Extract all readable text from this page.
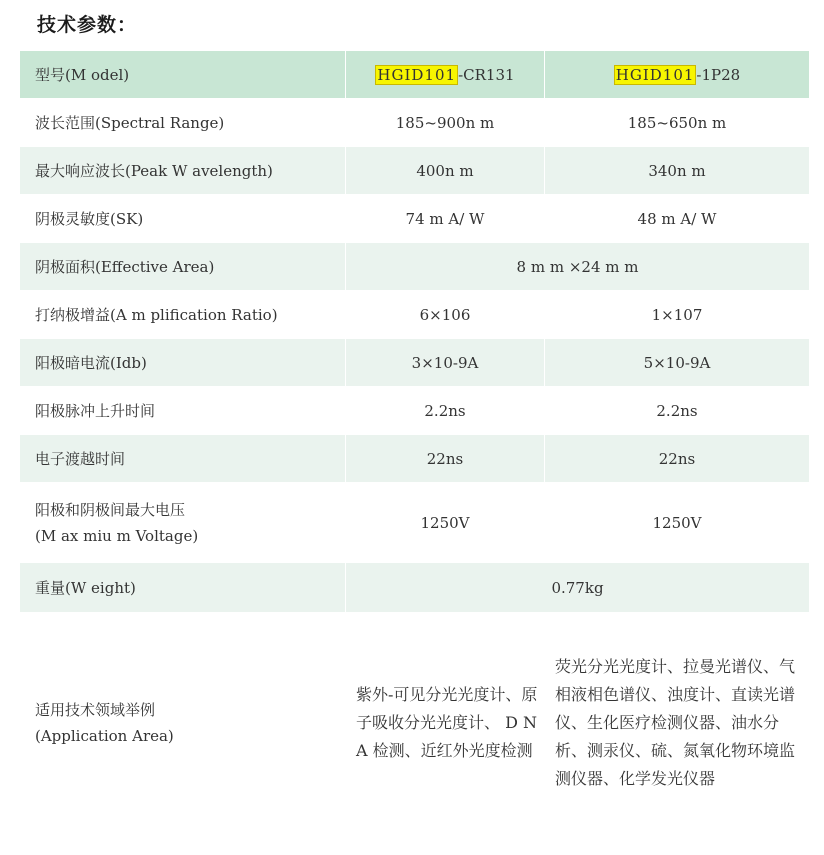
技术参数：
型号(M odel)	HGID101 -CR131	HGID101 -1P28
波长范围(Spectral Range)	185~900n m	185~650n m
最大响应波长(Peak W avelength)	400n m	340n m
阴极灵敏度(SK)	74 m A/ W	48 m A/ W
阴极面积(Effective Area)	8 m m ×24 m m	
打纳极增益(A m plification Ratio)	6×106	1×107
阳极暗电流(Idb)	3×10-9A	5×10-9A
阳极脉冲上升时间	2.2ns	2.2ns
电子渡越时间	22ns	22ns
阳极和阴极间最大电压
(M ax miu m Voltage)	1250V	1250V
重量(W eight)	0.77kg	
适用技术领域举例
(Application Area)	紫外-可见分光光度计、原子吸收分光光度计、 D N A 检测、近红外光度检测	荧光分光光度计、拉曼光谱仪、气相液相色谱仪、浊度计、直读光谱仪、生化医疗检测仪器、油水分析、测汞仪、硫、氮氧化物环境监测仪器、化学发光仪器
